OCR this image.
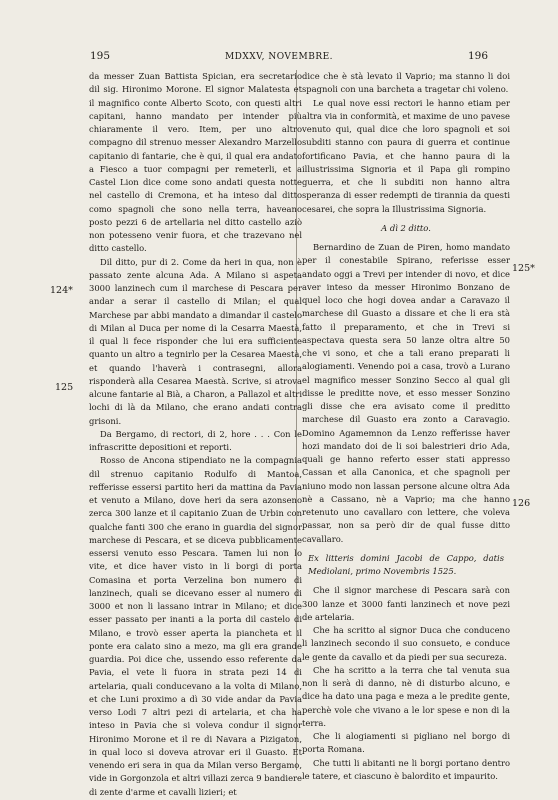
195	MDXXV, NOVEMBRE.	196
124*
125
125*
126

da messer Zuan Battista Spician, era secretario dil sig. Hironimo Morone. El signor Malatesta et il magnifico conte Alberto Scoto, con questi altri capitani, hanno mandato per intender più chiaramente il vero. Item, per uno altro compagno dil strenuo messer Alexandro Marzello capitanio di fantarie, che è qui, il qual era andato a Fiesco a tuor compagni per remeterli, et a Castel Lion dice come sono andati questa notte nel castello di Cremona, et ha inteso dal ditto como spagnoli che sono nella terra, haveano posto pezzi 6 de artellaria nel ditto castello aziò non potesseno venir fuora, et che trazevano nel ditto castello.

Dil ditto, pur di 2. Come da heri in qua, non è passato zente alcuna Ada. A Milano si aspeta 3000 lanzinech cum il marchese di Pescara per andar a serar il castello di Milan; el qual Marchese par abbi mandato a dimandar il castelo di Milan al Duca per nome di la Cesarra Maestà, il qual li fece risponder che lui era sufficiente quanto un altro a tegnirlo per la Cesarea Maestà, et quando l'haverà i contrasegni, allora risponderà alla Cesarea Maestà. Scrive, si atrova alcune fantarie al Bià, a Charon, a Pallazol et altri lochi di là da Milano, che erano andati contra grisoni.

Da Bergamo, di rectori, di 2, hore . . . Con le infrascritte depositioni et reporti.

Rosso de Ancona stipendiato ne la compagnia dil strenuo capitanio Rodulfo di Mantoa, refferisse essersi partito heri da mattina da Pavia et venuto a Milano, dove heri da sera azonseno zerca 300 lanze et il capitanio Zuan de Urbin con qualche fanti 300 che erano in guardia del signor marchese di Pescara, et se diceva pubblicamente essersi venuto esso Pescara. Tamen lui non lo vite, et dice haver visto in li borgi di porta Comasina et porta Verzelina bon numero di lanzinech, quali se dicevano esser al numero di 3000 et non li lassano intrar in Milano; et dice esser passato per inanti a la porta dil castelo di Milano, e trovò esser aperta la piancheta et il ponte era calato sino a mezo, ma gli era grande guardia. Poi dice che, ussendo esso referente da Pavia, el vete li fuora in strata pezi 14 di artelaria, quali conducevano a la volta di Milano, et che Luni proximo a dì 30 vide andar da Pavia verso Lodi 7 altri pezi di artelaria, et cha ha inteso in Pavia che si voleva condur il signor Hironimo Morone et il re di Navara a Pizigaton, in qual loco si doveva atrovar eri il Guasto. Et venendo eri sera in qua da Milan verso Bergamo, vide in Gorgonzola et altri villazi zerca 9 bandiere di zente d'arme et cavalli lizieri; et

dice che è stà levato il Vaprio; ma stanno li doi spagnoli con una barcheta a tragetar chi voleno.

Le qual nove essi rectori le hanno etiam per altra via in conformità, et maxime de uno pavese venuto qui, qual dice che loro spagnoli et soi subditi stanno con paura di guerra et continue fortificano Pavia, et che hanno paura di la illustrissima Signoria et il Papa gli rompino guerra, et che li subditi non hanno altra speranza di esser redempti de tirannia da questi cesarei, che sopra la Illustrissima Signoria.

A dì 2 ditto.

Bernardino de Zuan de Piren, homo mandato per il conestabile Spirano, referisse esser andato oggi a Trevi per intender di novo, et dice aver inteso da messer Hironimo Bonzano de quel loco che hogi dovea andar a Caravazo il marchese dil Guasto a dissare et che li era stà fatto il preparamento, et che in Trevi si aspectava questa sera 50 lanze oltra altre 50 che vi sono, et che a tali erano preparati li alogiamenti. Venendo poi a casa, trovò a Lurano el magnifico messer Sonzino Secco al qual gli disse le preditte nove, et esso messer Sonzino gli disse che era avisato come il preditto marchese dil Guasto era zonto a Caravagio. Domino Agamemnon da Lenzo refferisse haver hozi mandato doi de li soi balestrieri drio Ada, quali ge hanno referto esser stati appresso Cassan et alla Canonica, et che spagnoli per niuno modo non lassan persone alcune oltra Ada nè a Cassano, nè a Vaprio; ma che hanno retenuto uno cavallaro con lettere, che voleva passar, non sa però dir de qual fusse ditto cavallaro.

Ex litteris domini Jacobi de Cappo, datis Mediolani, primo Novembris 1525.

Che il signor marchese di Pescara sarà con 300 lanze et 3000 fanti lanzinech et nove pezi de artelaria.

Che ha scritto al signor Duca che conduceno li lanzinech secondo il suo consueto, e conduce le gente da cavallo et da piedi per sua secureza.

Che ha scritto a la terra che tal venuta sua non li serà di danno, nè di disturbo alcuno, e dice ha dato una paga e meza a le predite gente, perchè vole che vivano a le lor spese e non di la terra.

Che li alogiamenti si pigliano nel borgo di porta Romana.

Che tutti li abitanti ne li borgi portano dentro le tatere, et ciascuno è balordito et impaurito.
